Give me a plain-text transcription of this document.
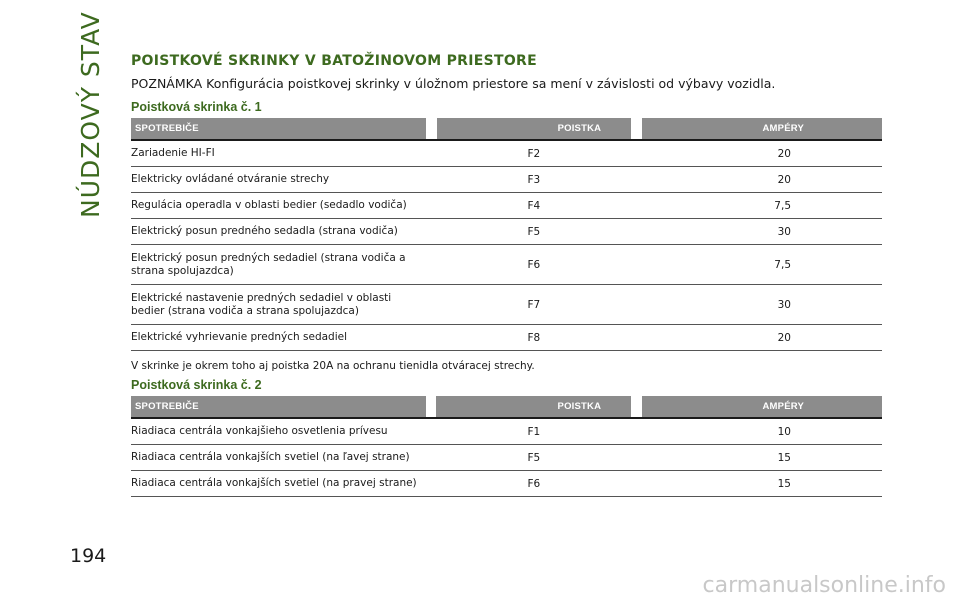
NÚDZOVÝ STAV
194
POISTKOVÉ SKRINKY V BATOŽINOVOM PRIESTORE
POZNÁMKA Konfigurácia poistkovej skrinky v úložnom priestore sa mení v závislosti od výbavy vozidla.
Poistková skrinka č. 1
SPOTREBIČE		POISTKA		AMPÉRY
Zariadenie HI-FI	F2			20
Elektricky ovládané otváranie strechy	F3			20
Regulácia operadla v oblasti bedier (sedadlo vodiča)	F4			7,5
Elektrický posun predného sedadla (strana vodiča)	F5			30
Elektrický posun predných sedadiel (strana vodiča a strana spolujazdca)	F6			7,5
Elektrické nastavenie predných sedadiel v oblasti bedier (strana vodiča a strana spolujazdca)	F7			30
Elektrické vyhrievanie predných sedadiel	F8			20
V skrinke je okrem toho aj poistka 20A na ochranu tienidla otváracej strechy.
Poistková skrinka č. 2
SPOTREBIČE		POISTKA		AMPÉRY
Riadiaca centrála vonkajšieho osvetlenia prívesu	F1			10
Riadiaca centrála vonkajších svetiel (na ľavej strane)	F5			15
Riadiaca centrála vonkajších svetiel (na pravej strane)	F6			15
carmanualsonline.info
